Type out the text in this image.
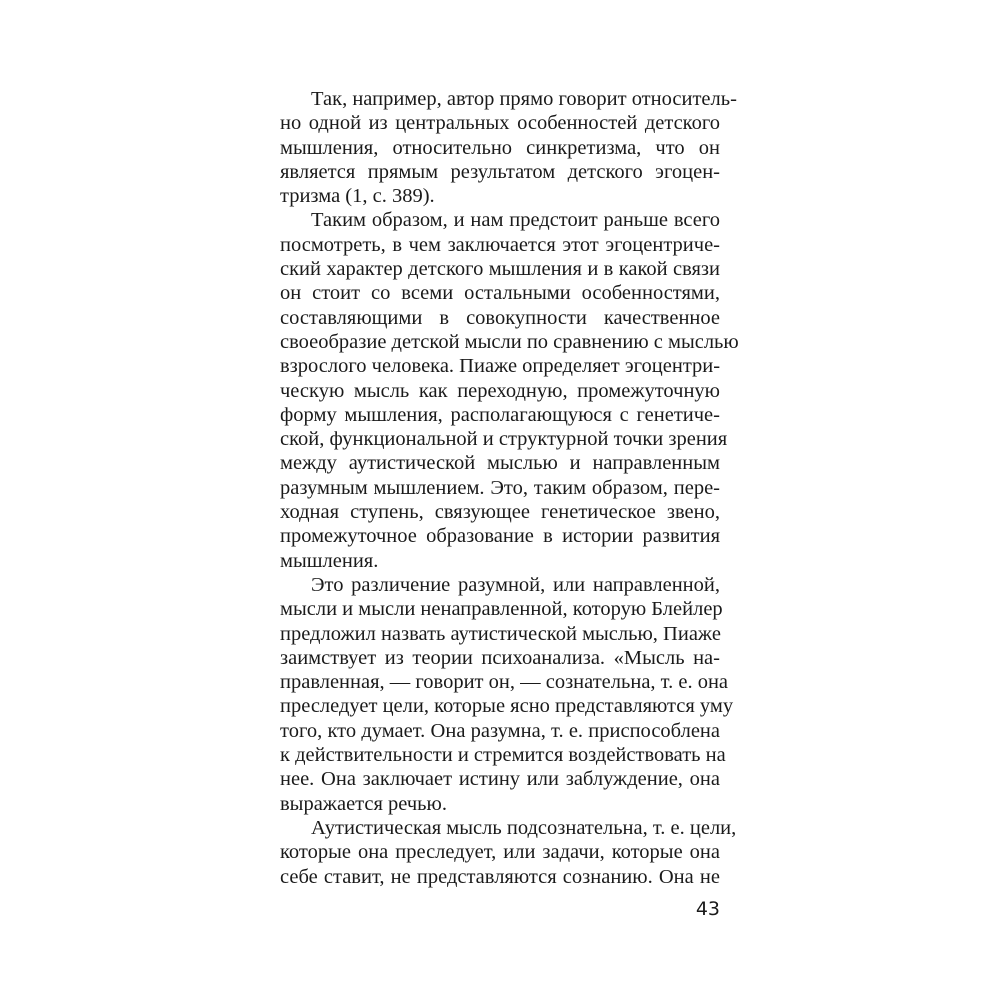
Так, например, автор прямо говорит относитель-
но одной из центральных особенностей детского
мышления, относительно синкретизма, что он
является прямым результатом детского эгоцен-
тризма (1, с. 389).
Таким образом, и нам предстоит раньше всего
посмотреть, в чем заключается этот эгоцентриче-
ский характер детского мышления и в какой связи
он стоит со всеми остальными особенностями,
составляющими в совокупности качественное
своеобразие детской мысли по сравнению с мыслью
взрослого человека. Пиаже определяет эгоцентри-
ческую мысль как переходную, промежуточную
форму мышления, располагающуюся с генетиче-
ской, функциональной и структурной точки зрения
между аутистической мыслью и направленным
разумным мышлением. Это, таким образом, пере-
ходная ступень, связующее генетическое звено,
промежуточное образование в истории развития
мышления.
Это различение разумной, или направленной,
мысли и мысли ненаправленной, которую Блейлер
предложил назвать аутистической мыслью, Пиаже
заимствует из теории психоанализа. «Мысль на-
правленная, — говорит он, — сознательна, т. е. она
преследует цели, которые ясно представляются уму
того, кто думает. Она разумна, т. е. приспособлена
к действительности и стремится воздействовать на
нее. Она заключает истину или заблуждение, она
выражается речью.
Аутистическая мысль подсознательна, т. е. цели,
которые она преследует, или задачи, которые она
себе ставит, не представляются сознанию. Она не
43
